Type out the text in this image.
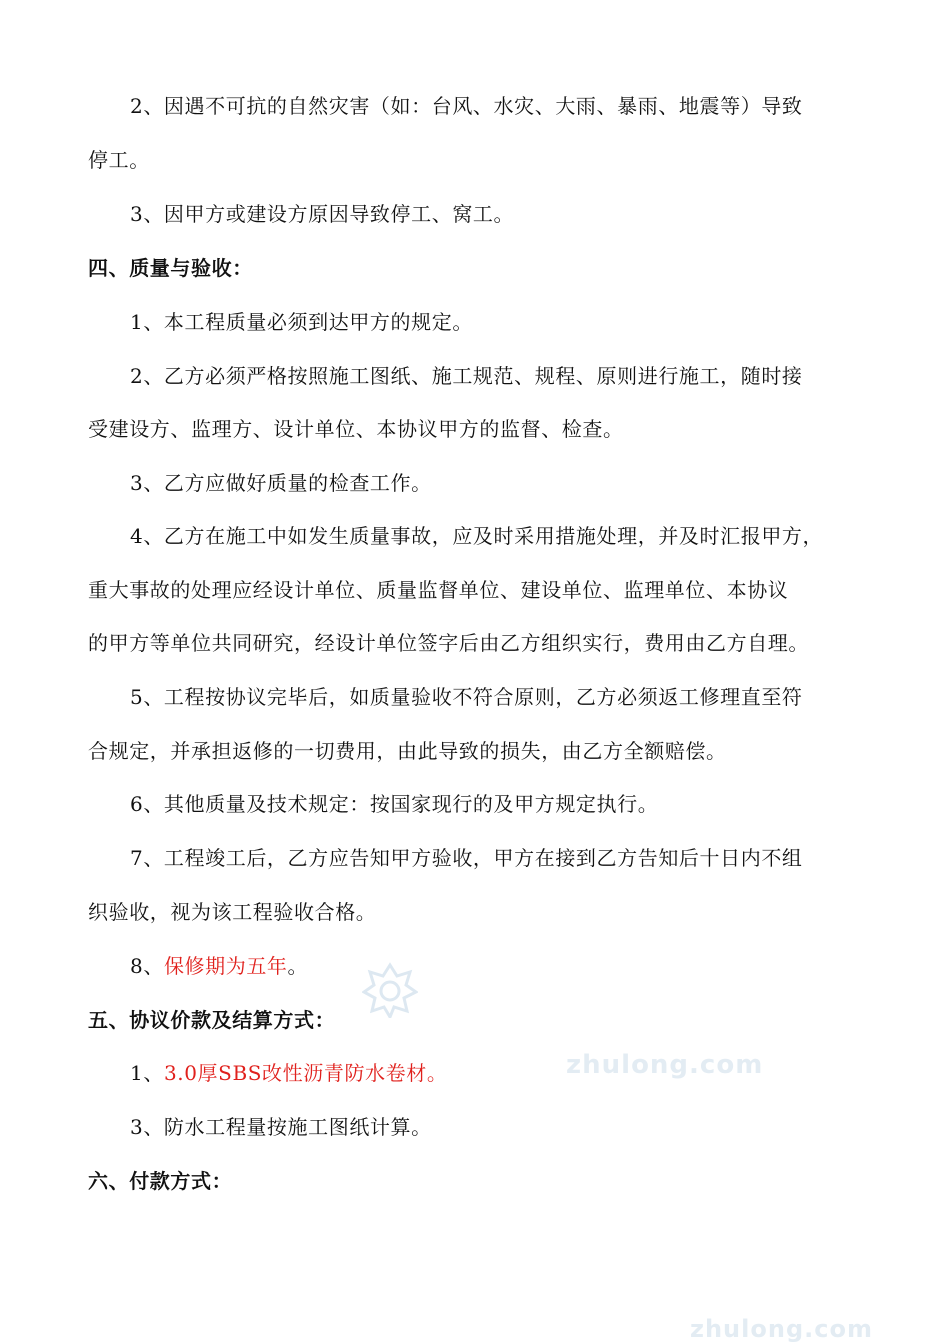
zhulong.com
zhulong.com
2、因遇不可抗的自然灾害（如：台风、水灾、大雨、暴雨、地震等）导致
停工。
3、因甲方或建设方原因导致停工、窝工。
四、质量与验收：
1、本工程质量必须到达甲方的规定。
2、乙方必须严格按照施工图纸、施工规范、规程、原则进行施工，随时接
受建设方、监理方、设计单位、本协议甲方的监督、检查。
3、乙方应做好质量的检查工作。
4、乙方在施工中如发生质量事故，应及时采用措施处理，并及时汇报甲方，
重大事故的处理应经设计单位、质量监督单位、建设单位、监理单位、本协议
的甲方等单位共同研究，经设计单位签字后由乙方组织实行，费用由乙方自理。
5、工程按协议完毕后，如质量验收不符合原则，乙方必须返工修理直至符
合规定，并承担返修的一切费用，由此导致的损失，由乙方全额赔偿。
6、其他质量及技术规定：按国家现行的及甲方规定执行。
7、工程竣工后，乙方应告知甲方验收，甲方在接到乙方告知后十日内不组
织验收，视为该工程验收合格。
8、保修期为五年。
五、协议价款及结算方式：
1、3.0厚SBS改性沥青防水卷材。
3、防水工程量按施工图纸计算。
六、付款方式：
